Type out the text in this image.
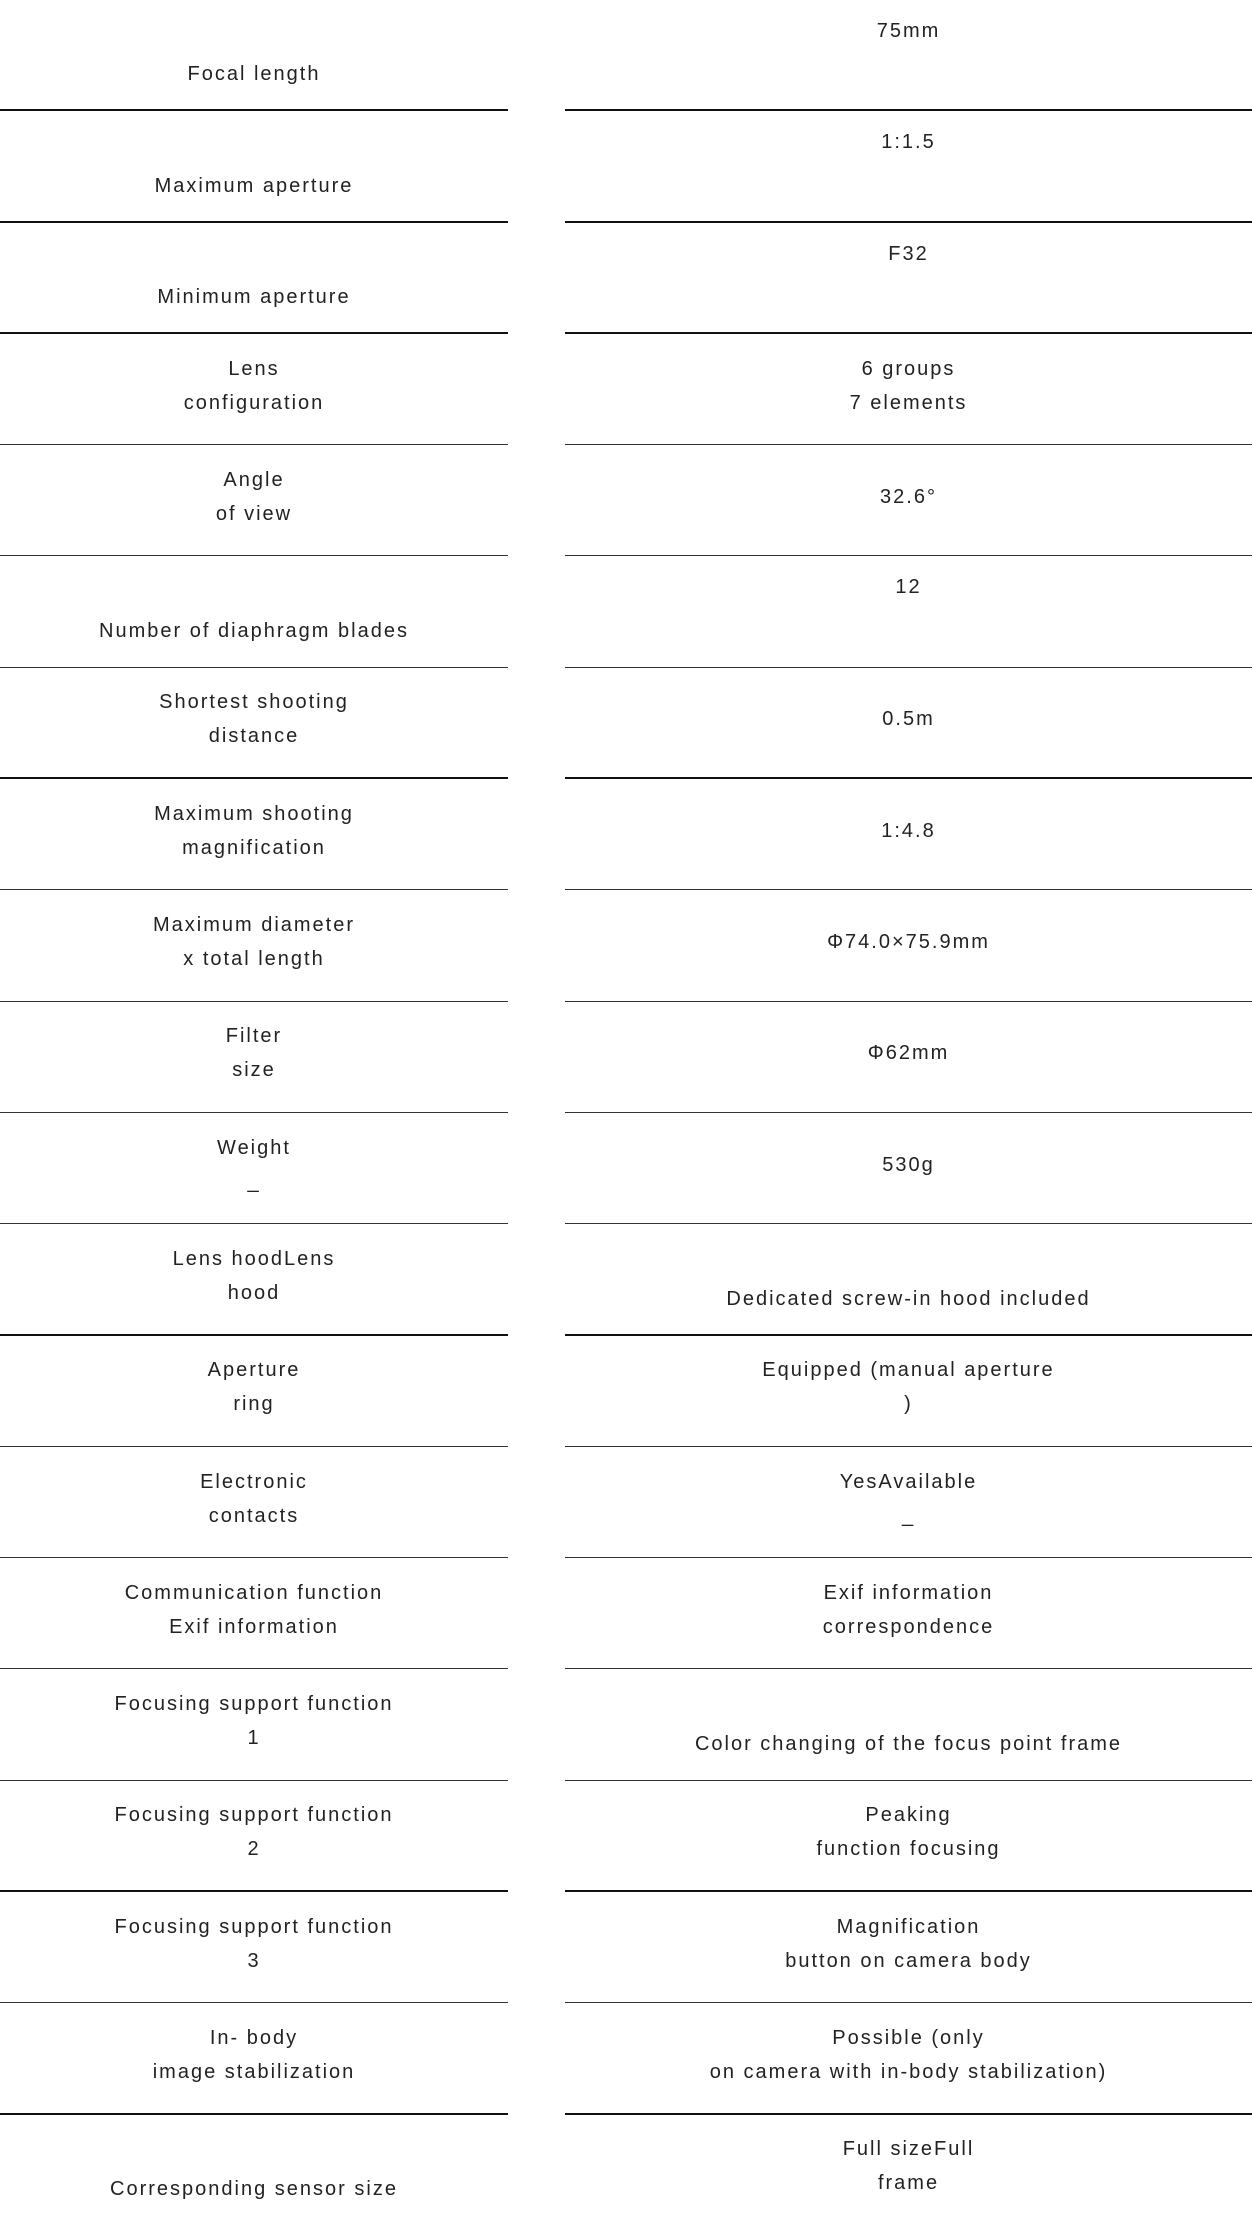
Focal length
75mm
Maximum aperture
1:1.5
Minimum aperture
F32
Lens
configuration
6 groups
7 elements
Angle
of view
32.6°
Number of diaphragm blades
12
Shortest shooting
distance
0.5m
Maximum shooting
magnification
1:4.8
Maximum diameter
x total length
Φ74.0×75.9mm
Filter
size
Φ62mm
Weight
_
530g
Lens hoodLens
hood	Dedicated screw-in hood included
Aperture
ring
Equipped (manual aperture
)
Electronic
contacts
YesAvailable
_
Communication function
Exif information
Exif information
correspondence
Focusing support function
1	Color changing of the focus point frame
Focusing support function
2
Peaking
function focusing
Focusing support function
3
Magnification
button on camera body
In- body
image stabilization
Possible (only
on camera with in-body stabilization)
Corresponding sensor size
Full sizeFull
frame
